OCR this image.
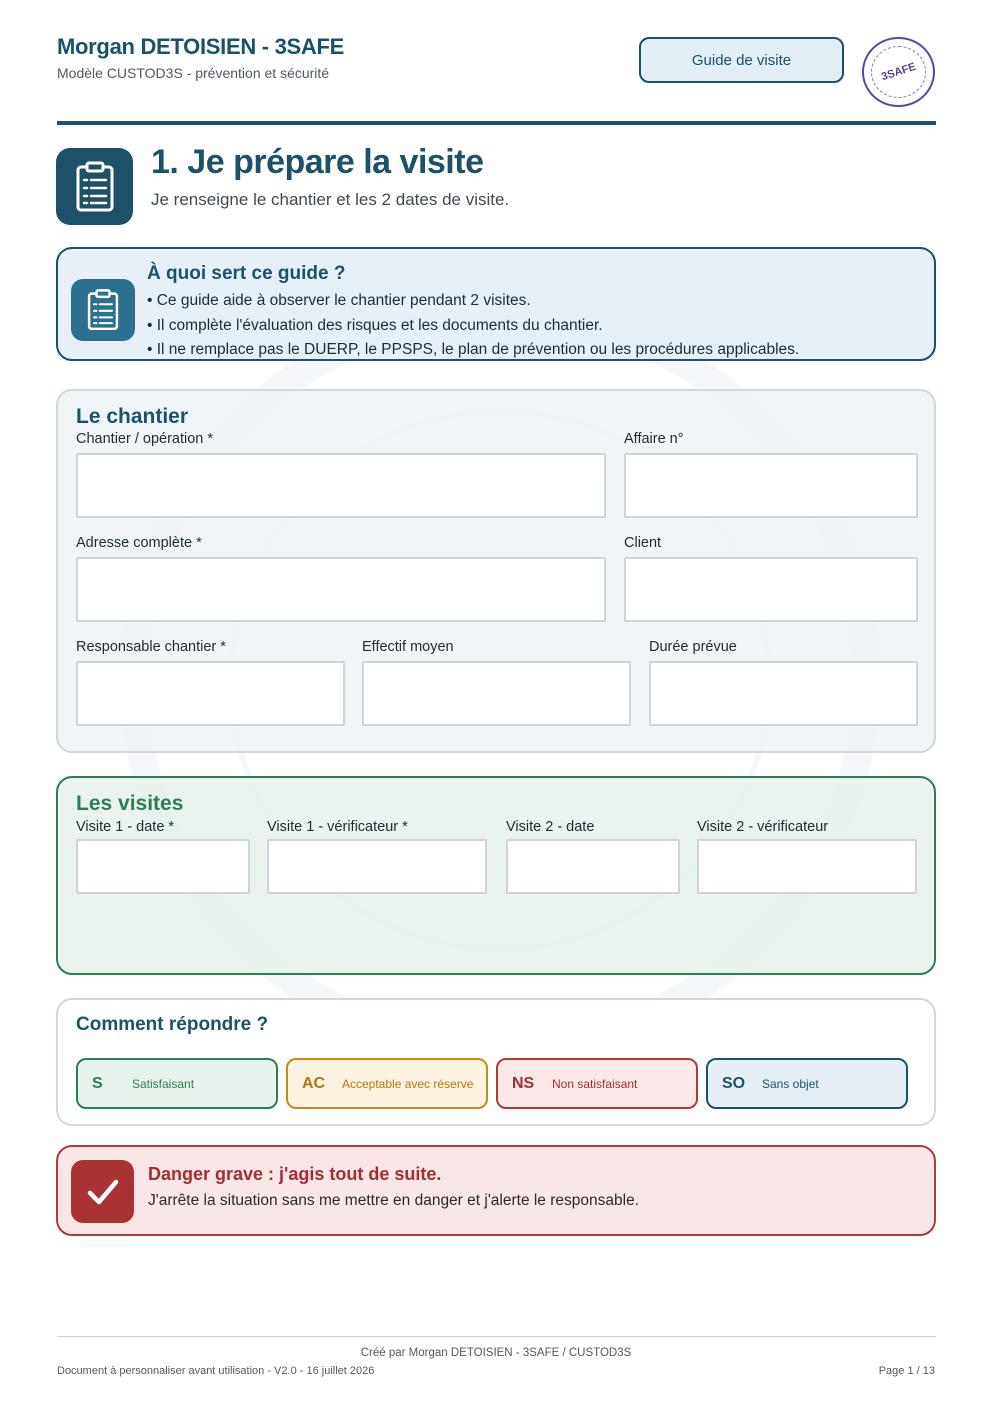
Morgan DETOISIEN - 3SAFE
Modèle CUSTOD3S - prévention et sécurité
Guide de visite
3SAFE
1. Je prépare la visite
Je renseigne le chantier et les 2 dates de visite.
À quoi sert ce guide ?
• Ce guide aide à observer le chantier pendant 2 visites.
• Il complète l'évaluation des risques et les documents du chantier.
• Il ne remplace pas le DUERP, le PPSPS, le plan de prévention ou les procédures applicables.
Le chantier
Chantier / opération *	Affaire n°
Adresse complète *	Client
Responsable chantier *	Effectif moyen	Durée prévue
Les visites
Visite 1 - date *	Visite 1 - vérificateur *	Visite 2 - date	Visite 2 - vérificateur
Comment répondre ?
S	Satisfaisant	AC	Acceptable avec réserve NS	Non satisfaisant	SO	Sans objet
Danger grave : j'agis tout de suite.
J'arrête la situation sans me mettre en danger et j'alerte le responsable.
Créé par Morgan DETOISIEN - 3SAFE / CUSTOD3S
Document à personnaliser avant utilisation - V2.0 - 16 juillet 2026	Page 1 / 13
